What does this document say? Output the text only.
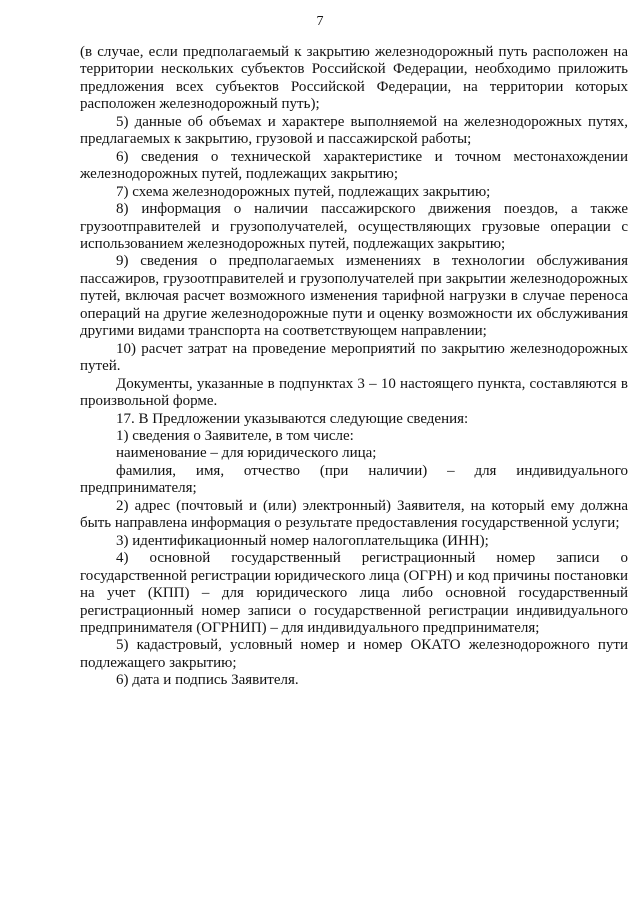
7

(в случае, если предполагаемый к закрытию железнодорожный путь расположен на территории нескольких субъектов Российской Федерации, необходимо приложить предложения всех субъектов Российской Федерации, на территории которых расположен железнодорожный путь);

5) данные об объемах и характере выполняемой на железнодорожных путях, предлагаемых к закрытию, грузовой и пассажирской работы;

6) сведения о технической характеристике и точном местонахождении железнодорожных путей, подлежащих закрытию;

7) схема железнодорожных путей, подлежащих закрытию;

8) информация о наличии пассажирского движения поездов, а также грузоотправителей и грузополучателей, осуществляющих грузовые операции с использованием железнодорожных путей, подлежащих закрытию;

9) сведения о предполагаемых изменениях в технологии обслуживания пассажиров, грузоотправителей и грузополучателей при закрытии железнодорожных путей, включая расчет возможного изменения тарифной нагрузки в случае переноса операций на другие железнодорожные пути и оценку возможности их обслуживания другими видами транспорта на соответствующем направлении;

10) расчет затрат на проведение мероприятий по закрытию железнодорожных путей.

Документы, указанные в подпунктах 3 – 10 настоящего пункта, составляются в произвольной форме.

17. В Предложении указываются следующие сведения:

1) сведения о Заявителе, в том числе:

наименование – для юридического лица;

фамилия, имя, отчество (при наличии) – для индивидуального предпринимателя;

2) адрес (почтовый и (или) электронный) Заявителя, на который ему должна быть направлена информация о результате предоставления государственной услуги;

3) идентификационный номер налогоплательщика (ИНН);

4) основной государственный регистрационный номер записи о государственной регистрации юридического лица (ОГРН) и код причины постановки на учет (КПП) – для юридического лица либо основной государственный регистрационный номер записи о государственной регистрации индивидуального предпринимателя (ОГРНИП) – для индивидуального предпринимателя;

5) кадастровый, условный номер и номер ОКАТО железнодорожного пути подлежащего закрытию;

6) дата и подпись Заявителя.
